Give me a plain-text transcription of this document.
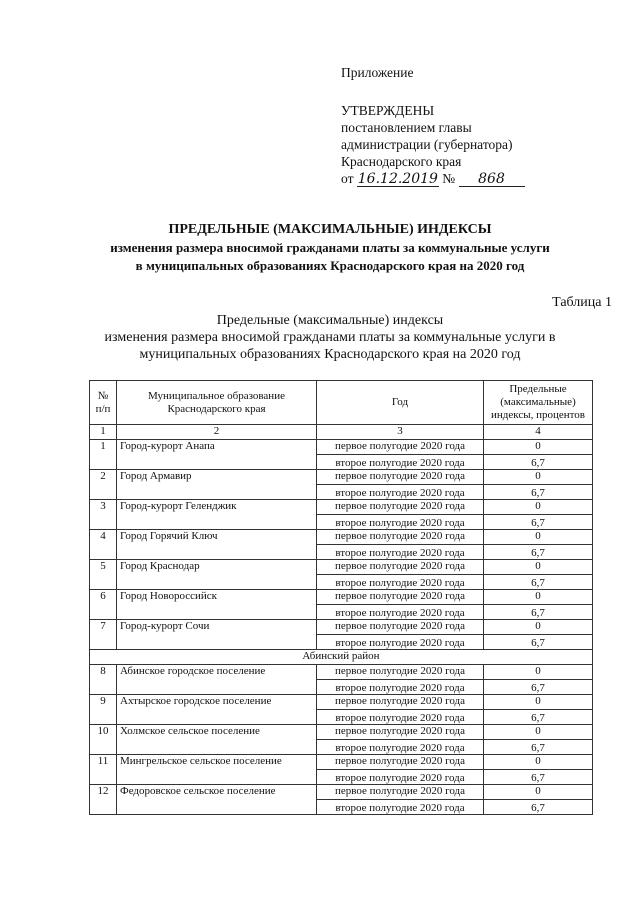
Приложение
УТВЕРЖДЕНЫ
постановлением главы
администрации (губернатора)
Краснодарского края
от 16.12.2019 № 868
ПРЕДЕЛЬНЫЕ (МАКСИМАЛЬНЫЕ) ИНДЕКСЫ
изменения размера вносимой гражданами платы за коммунальные услуги
в муниципальных образованиях Краснодарского края на 2020 год
Таблица 1
Предельные (максимальные) индексы
изменения размера вносимой гражданами платы за коммунальные услуги в
муниципальных образованиях Краснодарского края на 2020 год
№ п/п	Муниципальное образование Краснодарского края	Год	Предельные (максимальные) индексы, процентов
1	2	3	4
1	Город-курорт Анапа	первое полугодие 2020 года	0
		второе полугодие 2020 года	6,7
2	Город Армавир	первое полугодие 2020 года	0
		второе полугодие 2020 года	6,7
3	Город-курорт Геленджик	первое полугодие 2020 года	0
		второе полугодие 2020 года	6,7
4	Город Горячий Ключ	первое полугодие 2020 года	0
		второе полугодие 2020 года	6,7
5	Город Краснодар	первое полугодие 2020 года	0
		второе полугодие 2020 года	6,7
6	Город Новороссийск	первое полугодие 2020 года	0
		второе полугодие 2020 года	6,7
7	Город-курорт Сочи	первое полугодие 2020 года	0
		второе полугодие 2020 года	6,7
Абинский район			
8	Абинское городское поселение	первое полугодие 2020 года	0
		второе полугодие 2020 года	6,7
9	Ахтырское городское поселение	первое полугодие 2020 года	0
		второе полугодие 2020 года	6,7
10	Холмское сельское поселение	первое полугодие 2020 года	0
		второе полугодие 2020 года	6,7
11	Мингрельское сельское поселение	первое полугодие 2020 года	0
		второе полугодие 2020 года	6,7
12	Федоровское сельское поселение	первое полугодие 2020 года	0
		второе полугодие 2020 года	6,7
